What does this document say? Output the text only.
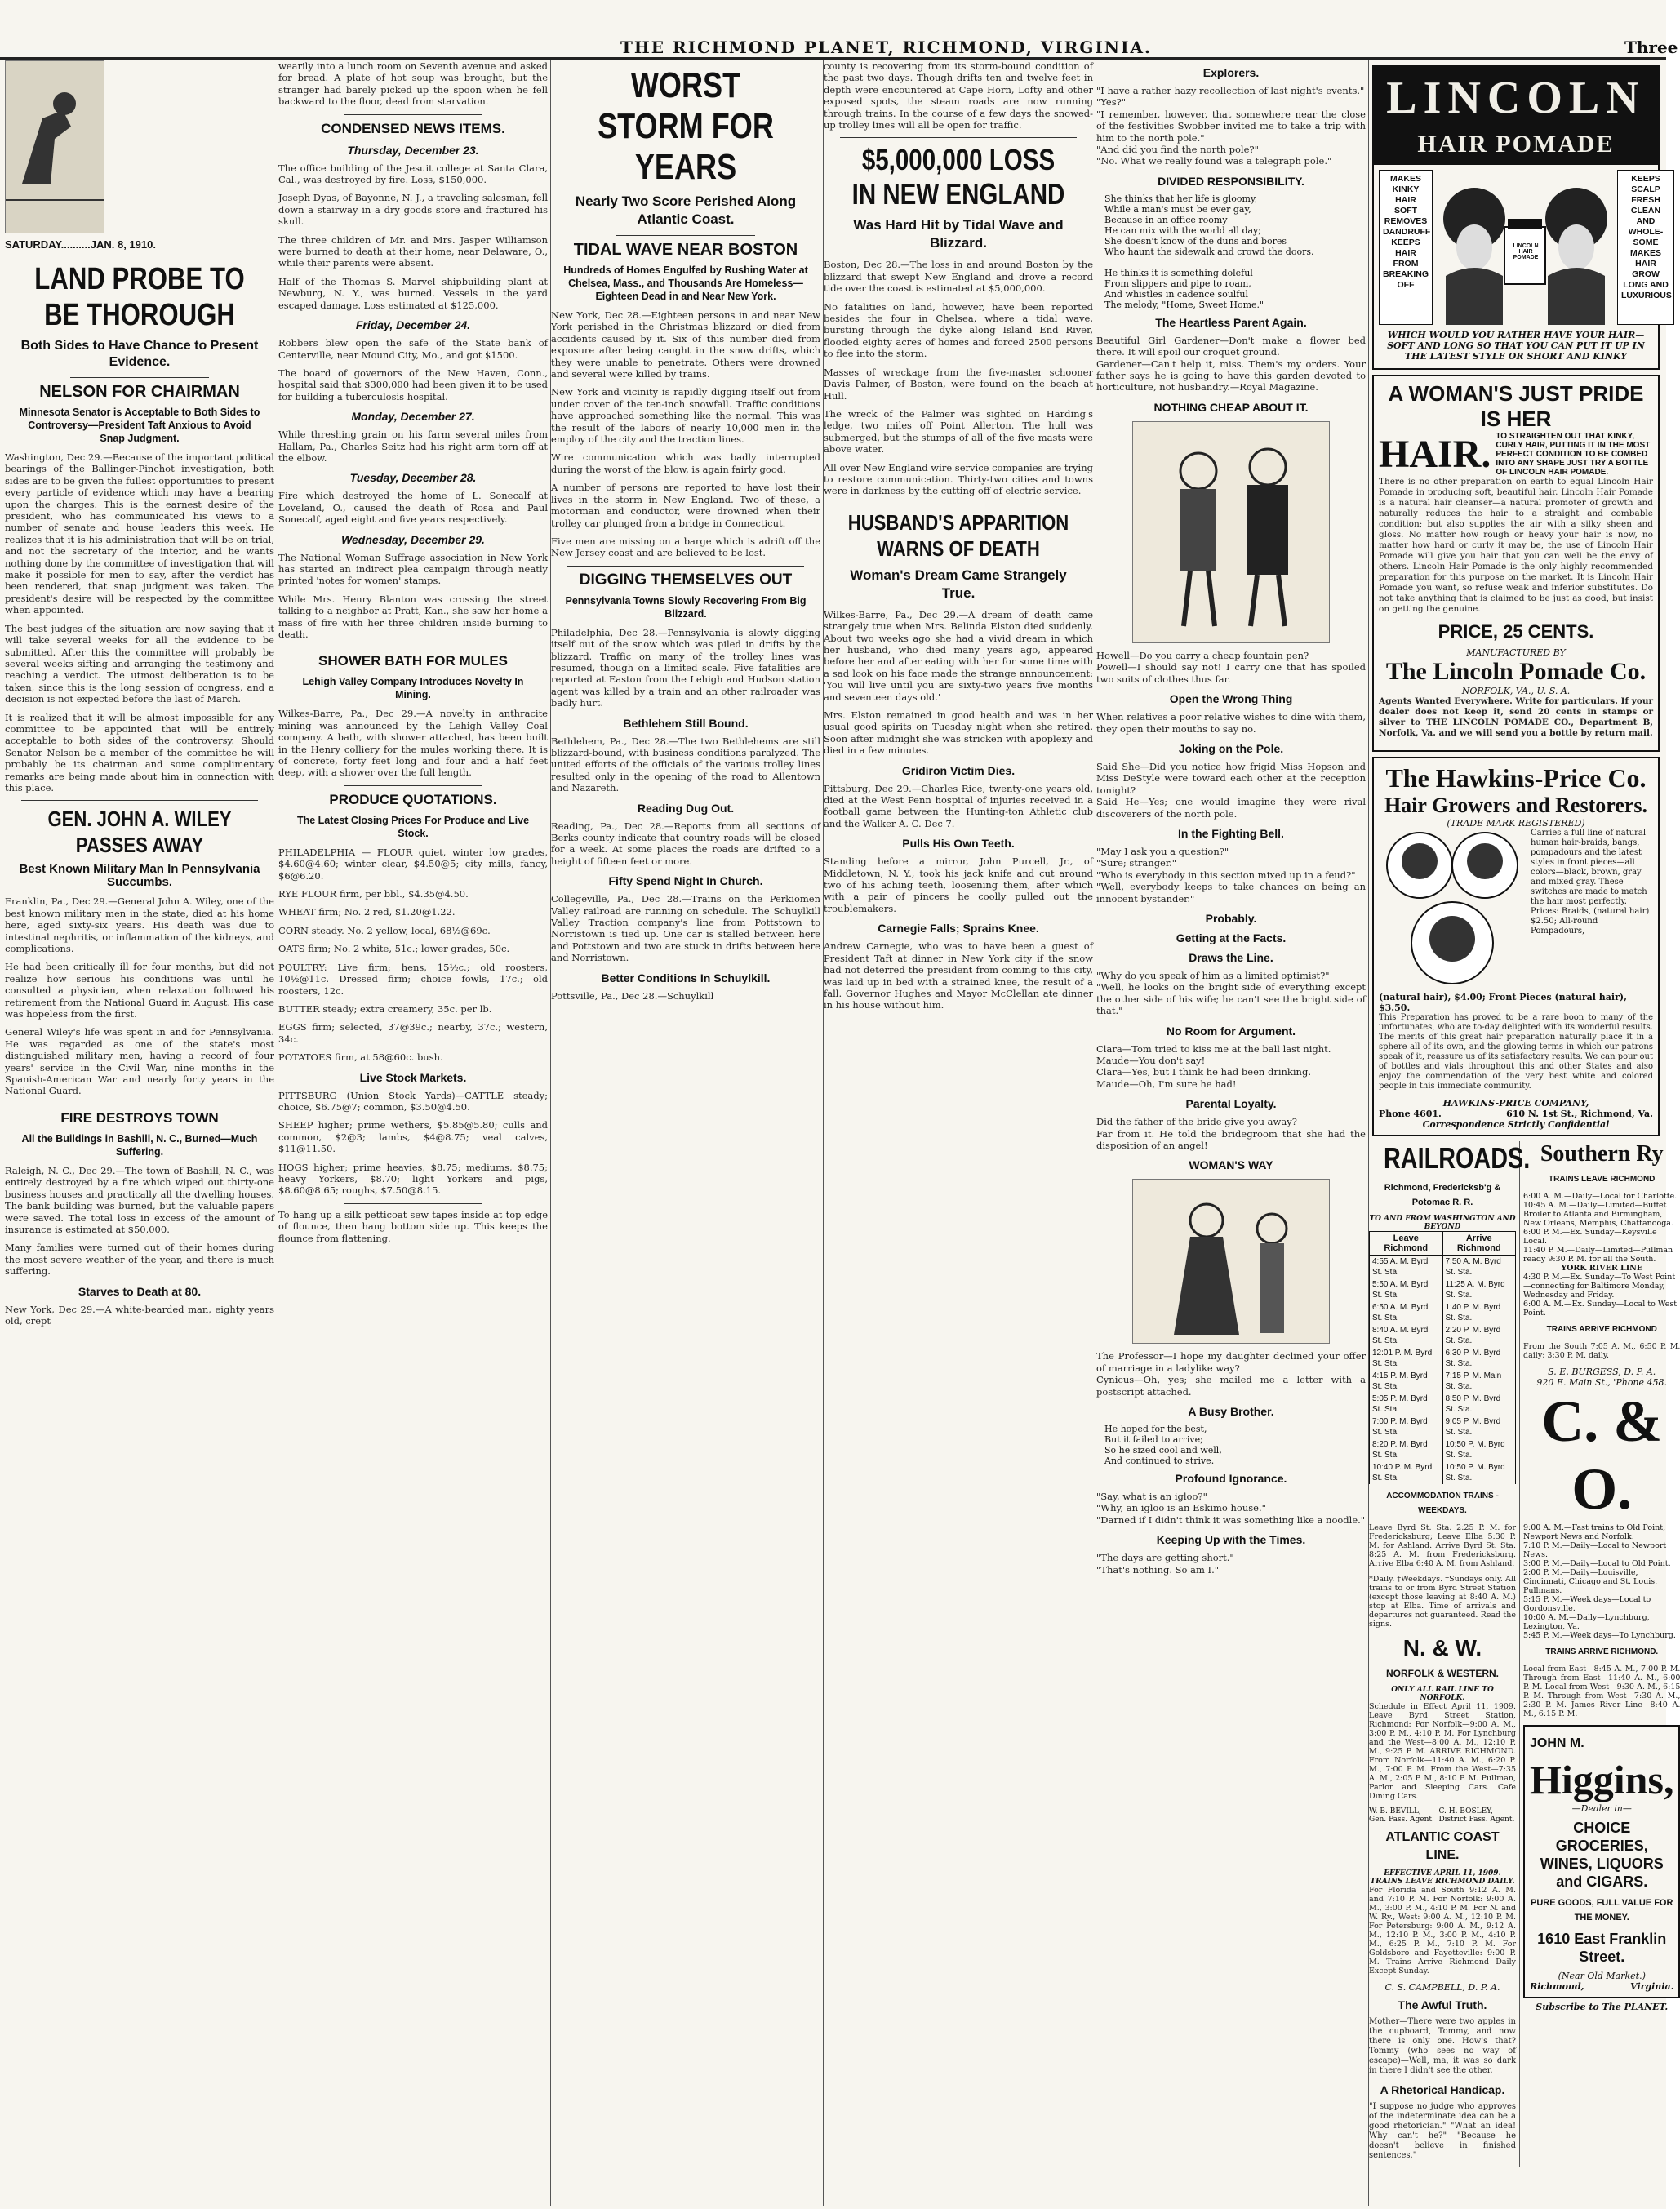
THE RICHMOND PLANET, RICHMOND, VIRGINIA.	Three
SATURDAY..........JAN. 8, 1910.
LAND PROBE TO BE THOROUGH
Both Sides to Have Chance to Present Evidence.
NELSON FOR CHAIRMAN
Minnesota Senator is Acceptable to Both Sides to Controversy—President Taft Anxious to Avoid Snap Judgment.

Washington, Dec 29.—Because of the important political bearings of the Ballinger-Pinchot investigation, both sides are to be given the fullest opportunities to present every particle of evidence which may have a bearing upon the charges. This is the earnest desire of the president, who has communicated his views to a number of senate and house leaders this week. He realizes that it is his administration that will be on trial, and not the secretary of the interior, and he wants nothing done by the committee of investigation that will make it possible for men to say, after the verdict has been rendered, that snap judgment was taken. The president's desire will be respected by the committee when appointed.

The best judges of the situation are now saying that it will take several weeks for all the evidence to be submitted. After this the committee will probably be several weeks sifting and arranging the testimony and reaching a verdict. The utmost deliberation is to be taken, since this is the long session of congress, and a decision is not expected before the last of March.

It is realized that it will be almost impossible for any committee to be appointed that will be entirely acceptable to both sides of the controversy. Should Senator Nelson be a member of the committee he will probably be its chairman and some complimentary remarks are being made about him in connection with this place.

GEN. JOHN A. WILEY PASSES AWAY
Best Known Military Man In Pennsylvania Succumbs.

Franklin, Pa., Dec 29.—General John A. Wiley, one of the best known military men in the state, died at his home here, aged sixty-six years. His death was due to intestinal nephritis, or inflammation of the kidneys, and complications.

He had been critically ill for four months, but did not realize how serious his conditions was until he consulted a physician, when relaxation followed his retirement from the National Guard in August. His case was hopeless from the first.

General Wiley's life was spent in and for Pennsylvania. He was regarded as one of the state's most distinguished military men, having a record of four years' service in the Civil War, nine months in the Spanish-American War and nearly forty years in the National Guard.

FIRE DESTROYS TOWN
All the Buildings in Bashill, N. C., Burned—Much Suffering.

Raleigh, N. C., Dec 29.—The town of Bashill, N. C., was entirely destroyed by a fire which wiped out thirty-one business houses and practically all the dwelling houses. The bank building was burned, but the valuable papers were saved. The total loss in excess of the amount of insurance is estimated at $50,000.

Many families were turned out of their homes during the most severe weather of the year, and there is much suffering.

Starves to Death at 80.

New York, Dec 29.—A white-bearded man, eighty years old, crept

wearily into a lunch room on Seventh avenue and asked for bread. A plate of hot soup was brought, but the stranger had barely picked up the spoon when he fell backward to the floor, dead from starvation.

CONDENSED NEWS ITEMS.
Thursday, December 23.

The office building of the Jesuit college at Santa Clara, Cal., was destroyed by fire. Loss, $150,000.

Joseph Dyas, of Bayonne, N. J., a traveling salesman, fell down a stairway in a dry goods store and fractured his skull.

The three children of Mr. and Mrs. Jasper Williamson were burned to death at their home, near Delaware, O., while their parents were absent.

Half of the Thomas S. Marvel shipbuilding plant at Newburg, N. Y., was burned. Vessels in the yard escaped damage. Loss estimated at $125,000.

Friday, December 24.

Robbers blew open the safe of the State bank of Centerville, near Mound City, Mo., and got $1500.

The board of governors of the New Haven, Conn., hospital said that $300,000 had been given it to be used for building a tuberculosis hospital.

Monday, December 27.

While threshing grain on his farm several miles from Hallam, Pa., Charles Seitz had his right arm torn off at the elbow.

Tuesday, December 28.

Fire which destroyed the home of L. Sonecalf at Loveland, O., caused the death of Rosa and Paul Sonecalf, aged eight and five years respectively.

Wednesday, December 29.

The National Woman Suffrage association in New York has started an indirect plea campaign through neatly printed 'notes for women' stamps.

While Mrs. Henry Blanton was crossing the street talking to a neighbor at Pratt, Kan., she saw her home a mass of fire with her three children inside burning to death.

SHOWER BATH FOR MULES
Lehigh Valley Company Introduces Novelty In Mining.

Wilkes-Barre, Pa., Dec 29.—A novelty in anthracite mining was announced by the Lehigh Valley Coal company. A bath, with shower attached, has been built in the Henry colliery for the mules working there. It is of concrete, forty feet long and four and a half feet deep, with a shower over the full length.

PRODUCE QUOTATIONS.
The Latest Closing Prices For Produce and Live Stock.

PHILADELPHIA — FLOUR quiet, winter low grades, $4.60@4.60; winter clear, $4.50@5; city mills, fancy, $6@6.20.

RYE FLOUR firm, per bbl., $4.35@4.50.

WHEAT firm; No. 2 red, $1.20@1.22.

CORN steady. No. 2 yellow, local, 68½@69c.

OATS firm; No. 2 white, 51c.; lower grades, 50c.

POULTRY: Live firm; hens, 15½c.; old roosters, 10½@11c. Dressed firm; choice fowls, 17c.; old roosters, 12c.

BUTTER steady; extra creamery, 35c. per lb.

EGGS firm; selected, 37@39c.; nearby, 37c.; western, 34c.

POTATOES firm, at 58@60c. bush.

Live Stock Markets.

PITTSBURG (Union Stock Yards)—CATTLE steady; choice, $6.75@7; common, $3.50@4.50.

SHEEP higher; prime wethers, $5.85@5.80; culls and common, $2@3; lambs, $4@8.75; veal calves, $11@11.50.

HOGS higher; prime heavies, $8.75; mediums, $8.75; heavy Yorkers, $8.70; light Yorkers and pigs, $8.60@8.65; roughs, $7.50@8.15.

To hang up a silk petticoat sew tapes inside at top edge of flounce, then hang bottom side up. This keeps the flounce from flattening.

WORST STORM FOR YEARS
Nearly Two Score Perished Along Atlantic Coast.
TIDAL WAVE NEAR BOSTON
Hundreds of Homes Engulfed by Rushing Water at Chelsea, Mass., and Thousands Are Homeless—Eighteen Dead in and Near New York.

New York, Dec 28.—Eighteen persons in and near New York perished in the Christmas blizzard or died from accidents caused by it. Six of this number died from exposure after being caught in the snow drifts, which they were unable to penetrate. Others were drowned and several were killed by trains.

New York and vicinity is rapidly digging itself out from under cover of the ten-inch snowfall. Traffic conditions have approached something like the normal. This was the result of the labors of nearly 10,000 men in the employ of the city and the traction lines.

Wire communication which was badly interrupted during the worst of the blow, is again fairly good.

A number of persons are reported to have lost their lives in the storm in New England. Two of these, a motorman and conductor, were drowned when their trolley car plunged from a bridge in Connecticut.

Five men are missing on a barge which is adrift off the New Jersey coast and are believed to be lost.

DIGGING THEMSELVES OUT
Pennsylvania Towns Slowly Recovering From Big Blizzard.

Philadelphia, Dec 28.—Pennsylvania is slowly digging itself out of the snow which was piled in drifts by the blizzard. Traffic on many of the trolley lines was resumed, though on a limited scale. Five fatalities are reported at Easton from the Lehigh and Hudson station agent was killed by a train and an other railroader was badly hurt.

Bethlehem Still Bound.

Bethlehem, Pa., Dec 28.—The two Bethlehems are still blizzard-bound, with business conditions paralyzed. The united efforts of the officials of the various trolley lines resulted only in the opening of the road to Allentown and Nazareth.

Reading Dug Out.

Reading, Pa., Dec 28.—Reports from all sections of Berks county indicate that country roads will be closed for a week. At some places the roads are drifted to a height of fifteen feet or more.

Fifty Spend Night In Church.

Collegeville, Pa., Dec 28.—Trains on the Perkiomen Valley railroad are running on schedule. The Schuylkill Valley Traction company's line from Pottstown to Norristown is tied up. One car is stalled between here and Pottstown and two are stuck in drifts between here and Norristown.

Better Conditions In Schuylkill.

Pottsville, Pa., Dec 28.—Schuylkill

county is recovering from its storm-bound condition of the past two days. Though drifts ten and twelve feet in depth were encountered at Cape Horn, Lofty and other exposed spots, the steam roads are now running through trains. In the course of a few days the snowed-up trolley lines will all be open for traffic.

$5,000,000 LOSS IN NEW ENGLAND
Was Hard Hit by Tidal Wave and Blizzard.

Boston, Dec 28.—The loss in and around Boston by the blizzard that swept New England and drove a record tide over the coast is estimated at $5,000,000.

No fatalities on land, however, have been reported besides the four in Chelsea, where a tidal wave, bursting through the dyke along Island End River, flooded eighty acres of homes and forced 2500 persons to flee into the storm.

Masses of wreckage from the five-master schooner Davis Palmer, of Boston, were found on the beach at Hull.

The wreck of the Palmer was sighted on Harding's ledge, two miles off Point Allerton. The hull was submerged, but the stumps of all of the five masts were above water.

All over New England wire service companies are trying to restore communication. Thirty-two cities and towns were in darkness by the cutting off of electric service.

HUSBAND'S APPARITION WARNS OF DEATH
Woman's Dream Came Strangely True.

Wilkes-Barre, Pa., Dec 29.—A dream of death came strangely true when Mrs. Belinda Elston died suddenly. About two weeks ago she had a vivid dream in which her husband, who died many years ago, appeared before her and after eating with her for some time with a sad look on his face made the strange announcement: 'You will live until you are sixty-two years five months and seventeen days old.'

Mrs. Elston remained in good health and was in her usual good spirits on Tuesday night when she retired. Soon after midnight she was stricken with apoplexy and died in a few minutes.

Gridiron Victim Dies.

Pittsburg, Dec 29.—Charles Rice, twenty-one years old, died at the West Penn hospital of injuries received in a football game between the Hunting-ton Athletic club and the Walker A. C. Dec 7.

Pulls His Own Teeth.

Standing before a mirror, John Purcell, Jr., of Middletown, N. Y., took his jack knife and cut around two of his aching teeth, loosening them, after which with a pair of pincers he coolly pulled out the troublemakers.

Carnegie Falls; Sprains Knee.

Andrew Carnegie, who was to have been a guest of President Taft at dinner in New York city if the snow had not deterred the president from coming to this city, was laid up in bed with a strained knee, the result of a fall. Governor Hughes and Mayor McClellan ate dinner in his house without him.

Explorers.

"I have a rather hazy recollection of last night's events."
"Yes?"
"I remember, however, that somewhere near the close of the festivities Swobber invited me to take a trip with him to the north pole."
"And did you find the north pole?"
"No. What we really found was a telegraph pole."

DIVIDED RESPONSIBILITY.
She thinks that her life is gloomy,
While a man's must be ever gay,
Because in an office roomy
He can mix with the world all day;
She doesn't know of the duns and bores
Who haunt the sidewalk and crowd the doors.

He thinks it is something doleful
From slippers and pipe to roam,
And whistles in cadence soulful
The melody, "Home, Sweet Home."
The Heartless Parent Again.

Beautiful Girl Gardener—Don't make a flower bed there. It will spoil our croquet ground.
Gardener—Can't help it, miss. Them's my orders. Your father says he is going to have this garden devoted to horticulture, not husbandry.—Royal Magazine.

NOTHING CHEAP ABOUT IT.

Howell—Do you carry a cheap fountain pen?
Powell—I should say not! I carry one that has spoiled two suits of clothes thus far.

Open the Wrong Thing

When relatives a poor relative wishes to dine with them, they open their mouths to say no.

Joking on the Pole.

Said She—Did you notice how frigid Miss Hopson and Miss DeStyle were toward each other at the reception tonight?
Said He—Yes; one would imagine they were rival discoverers of the north pole.

In the Fighting Bell.

"May I ask you a question?"
"Sure; stranger."
"Who is everybody in this section mixed up in a feud?"
"Well, everybody keeps to take chances on being an innocent bystander."

Probably.
Getting at the Facts.
Draws the Line.

"Why do you speak of him as a limited optimist?"
"Well, he looks on the bright side of everything except the other side of his wife; he can't see the bright side of that."

No Room for Argument.

Clara—Tom tried to kiss me at the ball last night.
Maude—You don't say!
Clara—Yes, but I think he had been drinking.
Maude—Oh, I'm sure he had!

Parental Loyalty.

Did the father of the bride give you away?
Far from it. He told the bridegroom that she had the disposition of an angel!

WOMAN'S WAY

The Professor—I hope my daughter declined your offer of marriage in a ladylike way?
Cynicus—Oh, yes; she mailed me a letter with a postscript attached.

A Busy Brother.
He hoped for the best,
But it failed to arrive;
So he sized cool and well,
And continued to strive.
Profound Ignorance.

"Say, what is an igloo?"
"Why, an igloo is an Eskimo house."
"Darned if I didn't think it was something like a noodle."

Keeping Up with the Times.

"The days are getting short."
"That's nothing. So am I."

LINCOLN
HAIR POMADE
MAKES
KINKY
HAIR
SOFT
REMOVES
DANDRUFF
KEEPS
HAIR
FROM
BREAKING
OFF
LINCOLN HAIR POMADE
KEEPS
SCALP
FRESH
CLEAN AND
WHOLE-
SOME
MAKES
HAIR
GROW
LONG AND
LUXURIOUS
WHICH WOULD YOU RATHER HAVE YOUR HAIR—SOFT AND LONG SO THAT YOU CAN PUT IT UP IN THE LATEST STYLE OR SHORT AND KINKY
A WOMAN'S JUST PRIDE IS HER
HAIR. TO STRAIGHTEN OUT THAT KINKY, CURLY HAIR, PUTTING IT IN THE MOST PERFECT CONDITION TO BE COMBED INTO ANY SHAPE JUST TRY A BOTTLE OF LINCOLN HAIR POMADE.

There is no other preparation on earth to equal Lincoln Hair Pomade in producing soft, beautiful hair. Lincoln Hair Pomade is a natural hair cleanser—a natural promoter of growth and naturally reduces the hair to a straight and combable condition; but also supplies the air with a silky sheen and gloss. No matter how rough or heavy your hair is now, no matter how hard or curly it may be, the use of Lincoln Hair Pomade will give you hair that you can well be the envy of others. Lincoln Hair Pomade is the only highly recommended preparation for this purpose on the market. It is Lincoln Hair Pomade you want, so refuse weak and inferior substitutes. Do not take anything that is claimed to be just as good, but insist on getting the genuine.

PRICE, 25 CENTS.
MANUFACTURED BY
The Lincoln Pomade Co.
NORFOLK, VA., U. S. A.

Agents Wanted Everywhere. Write for particulars. If your dealer does not keep it, send 20 cents in stamps or silver to THE LINCOLN POMADE CO., Department B, Norfolk, Va. and we will send you a bottle by return mail.

The Hawkins-Price Co.
Hair Growers and Restorers.
(TRADE MARK REGISTERED)
Carries a full line of natural human hair-braids, bangs, pompadours and the latest styles in front pieces—all colors—black, brown, gray and mixed gray. These switches are made to match the hair most perfectly. Prices: Braids, (natural hair) $2.50; All-round Pompadours,
(natural hair), $4.00; Front Pieces (natural hair), $3.50.

This Preparation has proved to be a rare boon to many of the unfortunates, who are to-day delighted with its wonderful results. The merits of this great hair preparation naturally place it in a sphere all of its own, and the glowing terms in which our patrons speak of it, reassure us of its satisfactory results. We can pour out of bottles and vials throughout this and other States and also enjoy the commendation of the very best white and colored people in this immediate community.

HAWKINS-PRICE COMPANY,
Phone 4601.	610 N. 1st St., Richmond, Va.
Correspondence Strictly Confidential
RAILROADS.
Richmond, Fredericksb'g & Potomac R. R.
TO AND FROM WASHINGTON AND BEYOND
Leave Richmond	Arrive Richmond
4:55 A. M. Byrd St. Sta.	7:50 A. M. Byrd St. Sta.
5:50 A. M. Byrd St. Sta.	11:25 A. M. Byrd St. Sta.
6:50 A. M. Byrd St. Sta.	1:40 P. M. Byrd St. Sta.
8:40 A. M. Byrd St. Sta.	2:20 P. M. Byrd St. Sta.
12:01 P. M. Byrd St. Sta.	6:30 P. M. Byrd St. Sta.
4:15 P. M. Byrd St. Sta.	7:15 P. M. Main St. Sta.
5:05 P. M. Byrd St. Sta.	8:50 P. M. Byrd St. Sta.
7:00 P. M. Byrd St. Sta.	9:05 P. M. Byrd St. Sta.
8:20 P. M. Byrd St. Sta.	10:50 P. M. Byrd St. Sta.
10:40 P. M. Byrd St. Sta.	10:50 P. M. Byrd St. Sta.
ACCOMMODATION TRAINS - WEEKDAYS.

Leave Byrd St. Sta. 2:25 P. M. for Fredericksburg; Leave Elba 5:30 P. M. for Ashland. Arrive Byrd St. Sta. 8:25 A. M. from Fredericksburg. Arrive Elba 6:40 A. M. from Ashland.

*Daily. †Weekdays. ‡Sundays only. All trains to or from Byrd Street Station (except those leaving at 8:40 A. M.) stop at Elba. Time of arrivals and departures not guaranteed. Read the signs.

N. & W.
NORFOLK & WESTERN.
ONLY ALL RAIL LINE TO NORFOLK.

Schedule in Effect April 11, 1909. Leave Byrd Street Station, Richmond: For Norfolk—9:00 A. M., 3:00 P. M., 4:10 P. M. For Lynchburg and the West—8:00 A. M., 12:10 P. M., 9:25 P. M. ARRIVE RICHMOND. From Norfolk—11:40 A. M., 6:20 P. M., 7:00 P. M. From the West—7:35 A. M., 2:05 P. M., 8:10 P. M. Pullman, Parlor and Sleeping Cars. Cafe Dining Cars.

W. B. BEVILL, Gen. Pass. Agent.
C. H. BOSLEY, District Pass. Agent.
ATLANTIC COAST LINE.
EFFECTIVE APRIL 11, 1909. TRAINS LEAVE RICHMOND DAILY.

For Florida and South 9:12 A. M. and 7:10 P. M. For Norfolk: 9:00 A. M., 3:00 P. M., 4:10 P. M. For N. and W. Ry., West: 9:00 A. M., 12:10 P. M. For Petersburg: 9:00 A. M., 9:12 A. M., 12:10 P. M., 3:00 P. M., 4:10 P. M., 6:25 P. M., 7:10 P. M. For Goldsboro and Fayetteville: 9:00 P. M. Trains Arrive Richmond Daily Except Sunday.

C. S. CAMPBELL, D. P. A.
The Awful Truth.

Mother—There were two apples in the cupboard, Tommy, and now there is only one. How's that? Tommy (who sees no way of escape)—Well, ma, it was so dark in there I didn't see the other.

A Rhetorical Handicap.

"I suppose no judge who approves of the indeterminate idea can be a good rhetorician." "What an idea! Why can't he?" "Because he doesn't believe in finished sentences."

Southern Ry
TRAINS LEAVE RICHMOND
6:00 A. M.—Daily—Local for Charlotte.
10:45 A. M.—Daily—Limited—Buffet Broiler to Atlanta and Birmingham, New Orleans, Memphis, Chattanooga.
6:00 P. M.—Ex. Sunday—Keysville Local.
11:40 P. M.—Daily—Limited—Pullman ready 9:30 P. M. for all the South.
YORK RIVER LINE
4:30 P. M.—Ex. Sunday—To West Point—connecting for Baltimore Monday, Wednesday and Friday.
6:00 A. M.—Ex. Sunday—Local to West Point.
TRAINS ARRIVE RICHMOND

From the South 7:05 A. M., 6:50 P. M. daily; 3:30 P. M. daily.

S. E. BURGESS, D. P. A.
920 E. Main St., 'Phone 458.
C. & O.
9:00 A. M.—Fast trains to Old Point, Newport News and Norfolk.
7:10 P. M.—Daily—Local to Newport News.
3:00 P. M.—Daily—Local to Old Point.
2:00 P. M.—Daily—Louisville, Cincinnati, Chicago and St. Louis. Pullmans.
5:15 P. M.—Week days—Local to Gordonsville.
10:00 A. M.—Daily—Lynchburg, Lexington, Va.
5:45 P. M.—Week days—To Lynchburg.
TRAINS ARRIVE RICHMOND.

Local from East—8:45 A. M., 7:00 P. M. Through from East—11:40 A. M., 6:00 P. M. Local from West—9:30 A. M., 6:15 P. M. Through from West—7:30 A. M., 2:30 P. M. James River Line—8:40 A. M., 6:15 P. M.

JOHN M.
Higgins,
—Dealer in—
CHOICE GROCERIES, WINES, LIQUORS and CIGARS.
PURE GOODS, FULL VALUE FOR THE MONEY.
1610 East Franklin Street.
(Near Old Market.)
Richmond,	Virginia.
Subscribe to The PLANET.
